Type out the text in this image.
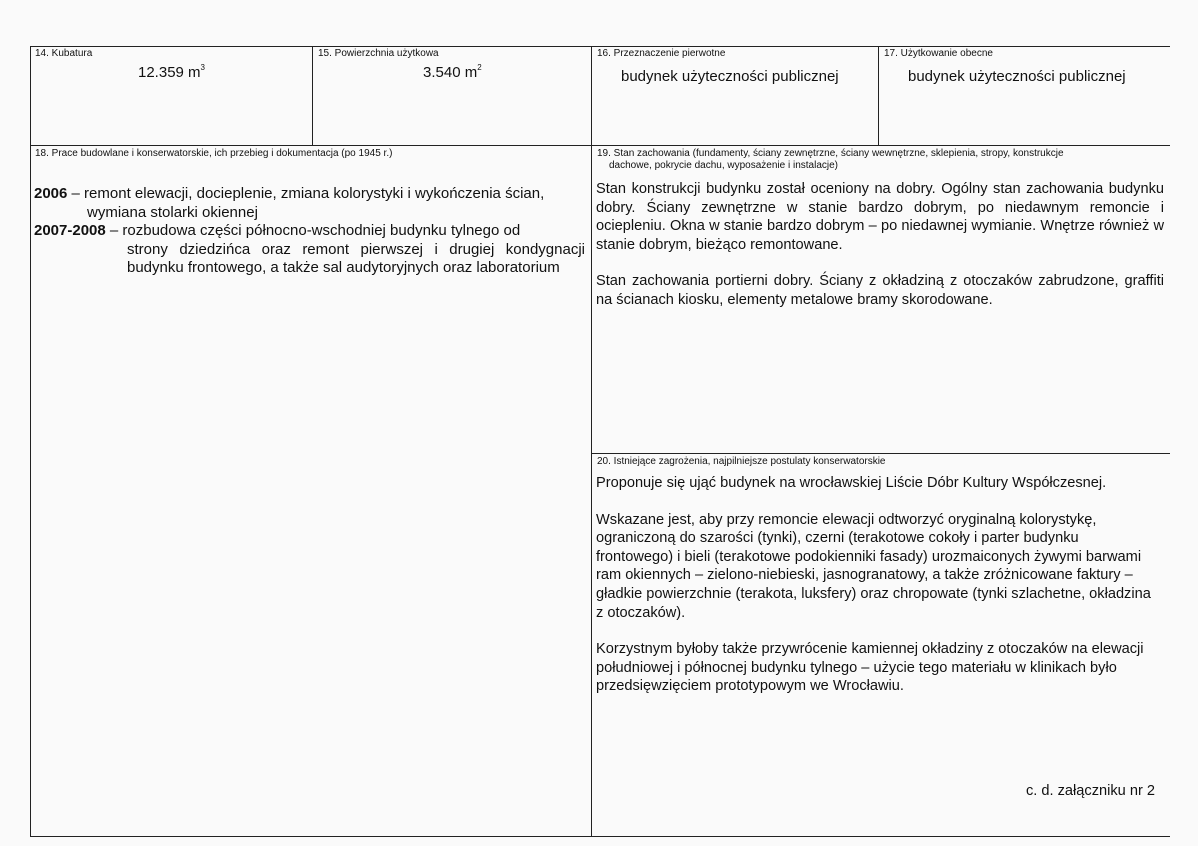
14. Kubatura
12.359 $m^3$
15. Powierzchnia użytkowa
3.540 $m^2$
16. Przeznaczenie pierwotne
budynek użyteczności publicznej
17. Użytkowanie obecne
budynek użyteczności publicznej
18. Prace budowlane i konserwatorskie, ich przebieg i dokumentacja (po 1945 r.)

2006 – remont elewacji, docieplenie, zmiana kolorystyki i wykończenia ścian,

wymiana stolarki okiennej

2007-2008 – rozbudowa części północno-wschodniej budynku tylnego od

strony dziedzińca oraz remont pierwszej i drugiej kondygnacji budynku frontowego, a także sal audytoryjnych oraz laboratorium

19. Stan zachowania (fundamenty, ściany zewnętrzne, ściany wewnętrzne, sklepienia, stropy, konstrukcje
dachowe, pokrycie dachu, wyposażenie i instalacje)

Stan konstrukcji budynku został oceniony na dobry. Ogólny stan zachowania budynku dobry. Ściany zewnętrzne w stanie bardzo dobrym, po niedawnym remoncie i ociepleniu. Okna w stanie bardzo dobrym – po niedawnej wymianie. Wnętrze również w stanie dobrym, bieżąco remontowane.

Stan zachowania portierni dobry. Ściany z okładziną z otoczaków zabrudzone, graffiti na ścianach kiosku, elementy metalowe bramy skorodowane.

20. Istniejące zagrożenia, najpilniejsze postulaty konserwatorskie

Proponuje się ująć budynek na wrocławskiej Liście Dóbr Kultury Współczesnej.

Wskazane jest, aby przy remoncie elewacji odtworzyć oryginalną kolorystykę, ograniczoną do szarości (tynki), czerni (terakotowe cokoły i parter budynku frontowego) i bieli (terakotowe podokienniki fasady) urozmaiconych żywymi barwami ram okiennych – zielono-niebieski, jasnogranatowy, a także zróżnicowane faktury – gładkie powierzchnie (terakota, luksfery) oraz chropowate (tynki szlachetne, okładzina z otoczaków).

Korzystnym byłoby także przywrócenie kamiennej okładziny z otoczaków na elewacji południowej i północnej budynku tylnego – użycie tego materiału w klinikach było przedsięwzięciem prototypowym we Wrocławiu.

c. d. załączniku nr 2
